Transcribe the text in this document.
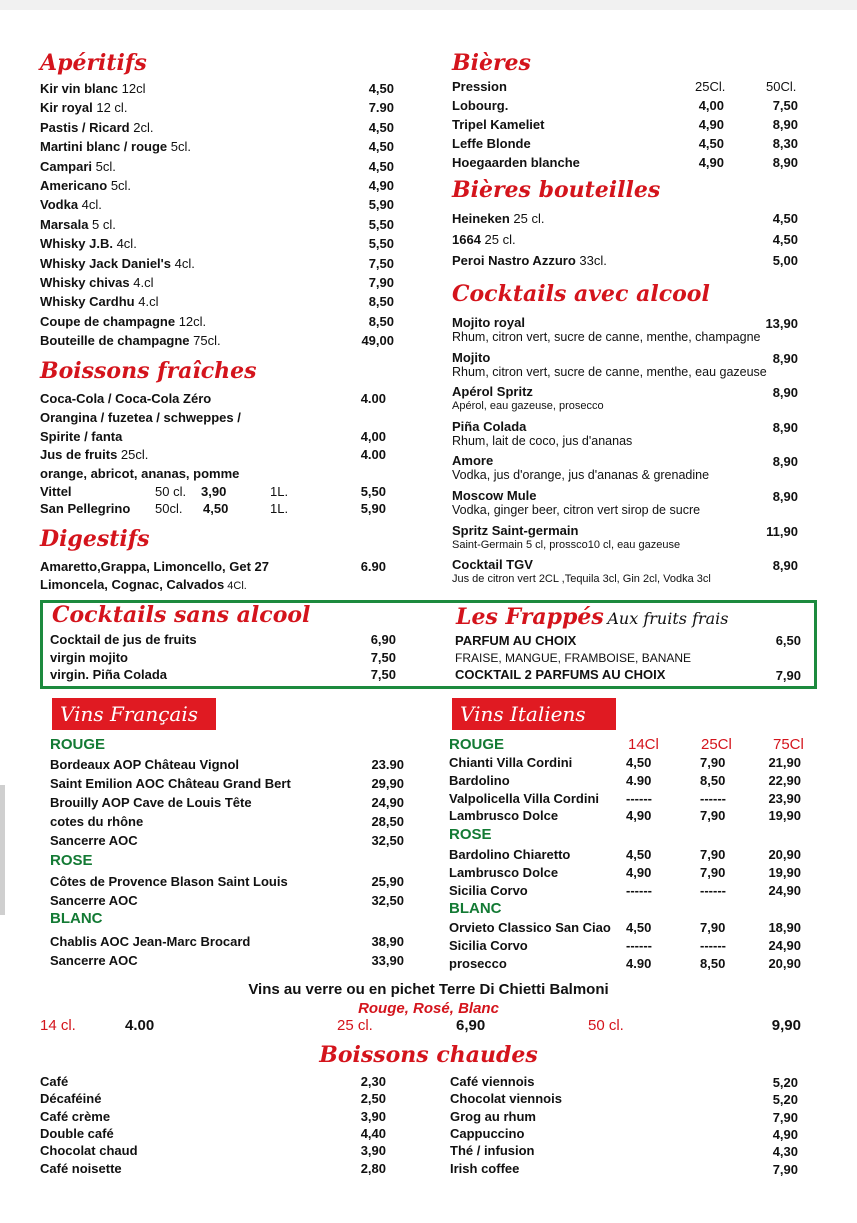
Apéritifs
Kir vin blanc 12cl	4,50
Kir royal 12 cl.	7.90
Pastis / Ricard 2cl.	4,50
Martini blanc / rouge 5cl.	4,50
Campari 5cl.	4,50
Americano 5cl.	4,90
Vodka 4cl.	5,90
Marsala 5 cl.	5,50
Whisky J.B. 4cl.	5,50
Whisky Jack Daniel's 4cl.	7,50
Whisky chivas 4.cl	7,90
Whisky Cardhu 4.cl	8,50
Coupe de champagne 12cl.	8,50
Bouteille de champagne 75cl.	49,00
Boissons fraîches
Vittel	50 cl. 3,90	1L.	5,50
San Pellegrino 50cl. 4,50	1L.	5,90
Coca-Cola / Coca-Cola Zéro	4.00
Orangina / fuzetea / schweppes /
Spirite / fanta	4,00
Jus de fruits 25cl.	4.00
orange, abricot, ananas, pomme
Digestifs
Amaretto,Grappa, Limoncello, Get 27
Limoncela, Cognac, Calvados 4Cl.
6.90
Bières
25Cl.	50Cl.
Pression
Lobourg.	4,00	7,50
Tripel Kameliet	4,90	8,90
Leffe Blonde	4,50	8,30
Hoegaarden blanche	4,90	8,90
Bières bouteilles
Heineken 25 cl.	4,50
1664 25 cl.	4,50
Peroi Nastro Azzuro 33cl.	5,00
Cocktails avec alcool
Mojito royal	13,90
Rhum, citron vert, sucre de canne, menthe, champagne
Mojito	8,90
Rhum, citron vert, sucre de canne, menthe, eau gazeuse
Apérol Spritz	8,90
Apérol, eau gazeuse, prosecco
Piña Colada	8,90
Rhum, lait de coco, jus d'ananas
Amore	8,90
Vodka, jus d'orange, jus d'ananas & grenadine
Moscow Mule	8,90
Vodka, ginger beer, citron vert sirop de sucre
Spritz Saint-germain	11,90
Saint-Germain 5 cl, prossco10 cl, eau gazeuse
Cocktail TGV	8,90
Jus de citron vert 2CL ,Tequila 3cl, Gin 2cl, Vodka 3cl
Cocktails sans alcool
Cocktail de jus de fruits	6,90
virgin mojito	7,50
virgin. Piña Colada	7,50
Les Frappés Aux fruits frais
PARFUM AU CHOIX	6,50
FRAISE, MANGUE, FRAMBOISE, BANANE
COCKTAIL 2 PARFUMS AU CHOIX	7,90
Vins Français
ROUGE
Bordeaux AOP Château Vignol	23.90
Saint Emilion AOC Château Grand Bert	29,90
Brouilly AOP Cave de Louis Tête	24,90
cotes du rhône	28,50
Sancerre AOC	32,50
ROSE
Côtes de Provence Blason Saint Louis	25,90
Sancerre AOC	32,50
BLANC
Chablis AOC Jean-Marc Brocard	38,90
Sancerre AOC	33,90
Vins Italiens
14Cl	25Cl	75Cl
ROUGE
Chianti Villa Cordini	4,50	7,90	21,90
Bardolino	4.90	8,50	22,90
Valpolicella Villa Cordini ------	------	23,90
Lambrusco Dolce	4,90	7,90	19,90
ROSE
Bardolino Chiaretto	4,50	7,90	20,90
Lambrusco Dolce	4,90	7,90	19,90
Sicilia Corvo	------	------	24,90
BLANC
Orvieto Classico San Ciao 4,50	7,90	18,90
Sicilia Corvo	------	------	24,90
prosecco	4.90	8,50	20,90
Vins au verre ou en pichet Terre Di Chietti Balmoni
Rouge, Rosé, Blanc
14 cl.	4.00	25 cl.	6,90	50 cl.	9,90
Boissons chaudes
Café	2,30
Décaféiné	2,50
Café crème	3,90
Double café	4,40
Chocolat chaud	3,90
Café noisette	2,80
Café viennois	5,20
Chocolat viennois	5,20
Grog au rhum	7,90
Cappuccino	4,90
Thé / infusion	4,30
Irish coffee	7,90
